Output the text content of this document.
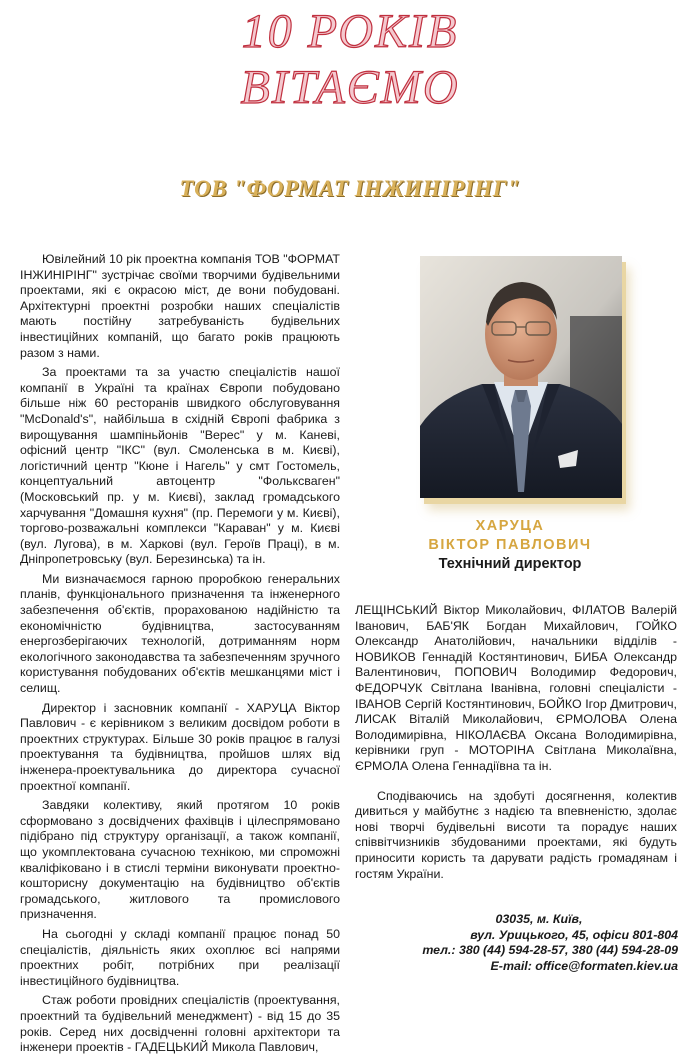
10 РОКІВ
ВІТАЄМО
ТОВ "ФОРМАТ ІНЖИНІРІНГ"

Ювілейний 10 рік проектна компанія ТОВ "ФОРМАТ ІНЖИНІРІНГ" зустрічає своїми творчими будівельними проектами, які є окрасою міст, де вони побудовані. Архітектурні проектні розробки наших спеціалістів мають постійну затребуваність будівельних інвестиційних компаній, що багато років працюють разом з нами.

За проектами та за участю спеціалістів нашої компанії в Україні та країнах Європи побудовано більше ніж 60 ресторанів швидкого обслуговування "McDonald's", найбільша в східній Європі фабрика з вирощування шампіньйонів "Верес" у м. Каневі, офісний центр "ІКС" (вул. Смоленська в м. Києві), логістичний центр "Кюне і Нагель" у смт Гостомель, концептуальний автоцентр "Фольксваген" (Московський пр. у м. Києві), заклад громадського харчування "Домашня кухня" (пр. Перемоги у м. Києві), торгово-розважальні комплекси "Караван" у м. Києві (вул. Лугова), в м. Харкові (вул. Героїв Праці), в м. Дніпропетровську (вул. Березинська) та ін.

Ми визначаємося гарною проробкою генеральних планів, функціонального призначення та інженерного забезпечення об'єктів, прорахованою надійністю та економічністю будівництва, застосуванням енергозберігаючих технологій, дотриманням норм екологічного законодавства та забезпеченням зручного користування побудованих об'єктів мешканцями міст і селищ.

Директор і засновник компанії - ХАРУЦА Віктор Павлович - є керівником з великим досвідом роботи в проектних структурах. Більше 30 років працює в галузі проектування та будівництва, пройшов шлях від інженера-проектувальника до директора сучасної проектної компанії.

Завдяки колективу, який протягом 10 років сформовано з досвідчених фахівців і цілеспрямовано підібрано під структуру організації, а також компанії, що укомплектована сучасною технікою, ми спроможні кваліфіковано і в стислі терміни виконувати проектно-кошторисну документацію на будівництво об'єктів громадського, житлового та промислового призначення.

На сьогодні у складі компанії працює понад 50 спеціалістів, діяльність яких охоплює всі напрями проектних робіт, потрібних при реалізації інвестиційного будівництва.

Стаж роботи провідних спеціалістів (проектування, проектний та будівельний менеджмент) - від 15 до 35 років. Серед них досвідченні головні архітектори та інженери проектів - ГАДЕЦЬКИЙ Микола Павлович,

ХАРУЦА
ВІКТОР ПАВЛОВИЧ
Технічний директор

ЛЕЩІНСЬКИЙ Віктор Миколайович, ФІЛАТОВ Валерій Іванович, БАБ'ЯК Богдан Михайлович, ГОЙКО Олександр Анатолійович, начальники відділів - НОВИКОВ Геннадій Костянтинович, БИБА Олександр Валентинович, ПОПОВИЧ Володимир Федорович, ФЕДОРЧУК Світлана Іванівна, головні спеціалісти - ІВАНОВ Сергій Костянтинович, БОЙКО Ігор Дмитрович, ЛИСАК Віталій Миколайович, ЄРМОЛОВА Олена Володимирівна, НІКОЛАЄВА Оксана Володимирівна, керівники груп - МОТОРІНА Світлана Миколаївна, ЄРМОЛА Олена Геннадіївна та ін.

Сподіваючись на здобуті досягнення, колектив дивиться у майбутнє з надією та впевненістю, здолає нові творчі будівельні висоти та порадує наших співвітчизників збудованими проектами, які будуть приносити користь та дарувати радість громадянам і гостям України.

03035, м. Київ,
вул. Урицького, 45, офіси 801-804
тел.: 380 (44) 594-28-57, 380 (44) 594-28-09
E-mail: office@formaten.kiev.ua
